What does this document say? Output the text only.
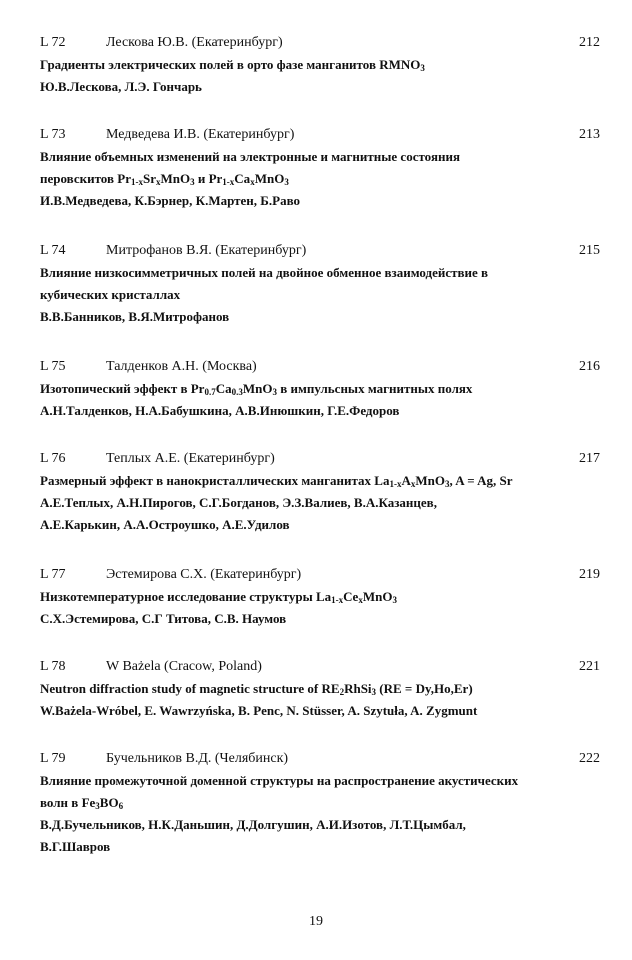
L 72	Лескова Ю.В. (Екатеринбург)	212
Градиенты электрических полей в орто фазе манганитов $RMNO_3$
Ю.В.Лескова, Л.Э. Гончарь
L 73	Медведева И.В. (Екатеринбург)	213
Влияние объемных изменений на электронные и магнитные состояния
перовскитов $Pr_{1-x}Sr_xMnO_3$ и $Pr_{1-x}Ca_xMnO_3$
И.В.Медведева, К.Бэрнер, К.Мартен, Б.Раво
L 74	Митрофанов В.Я. (Екатеринбург)	215
Влияние низкосимметричных полей на двойное обменное взаимодействие в
кубических кристаллах
В.В.Банников, В.Я.Митрофанов
L 75	Талденков А.Н. (Москва)	216
Изотопический эффект в $Pr_{0.7}Ca_{0.3}MnO_3$ в импульсных магнитных полях
А.Н.Талденков, Н.А.Бабушкина, А.В.Инюшкин, Г.Е.Федоров
L 76	Теплых А.Е. (Екатеринбург)	217
Размерный эффект в нанокристаллических манганитах $La_{1-x}A_xMnO_3$, A = Ag, Sr
А.Е.Теплых, А.Н.Пирогов, С.Г.Богданов, Э.З.Валиев, В.А.Казанцев,
А.Е.Карькин, А.А.Остроушко, А.Е.Удилов
L 77	Эстемирова С.Х. (Екатеринбург)	219
Низкотемпературное исследование структуры $La_{1-x}Ce_xMnO_3$
С.Х.Эстемирова, С.Г Титова, С.В. Наумов
L 78	W Bażela (Cracow, Poland)	221
Neutron diffraction study of magnetic structure of $RE_2RhSi_3$ (RE = Dy,Ho,Er)
W.Bażela-Wróbel, E. Wawrzyńska, B. Penc, N. Stüsser, A. Szytuła, A. Zygmunt
L 79	Бучельников В.Д. (Челябинск)	222
Влияние промежуточной доменной структуры на распространение акустических
волн в $Fe_3BO_6$
В.Д.Бучельников, Н.К.Даньшин, Д.Долгушин, А.И.Изотов, Л.Т.Цымбал,
В.Г.Шавров
19
